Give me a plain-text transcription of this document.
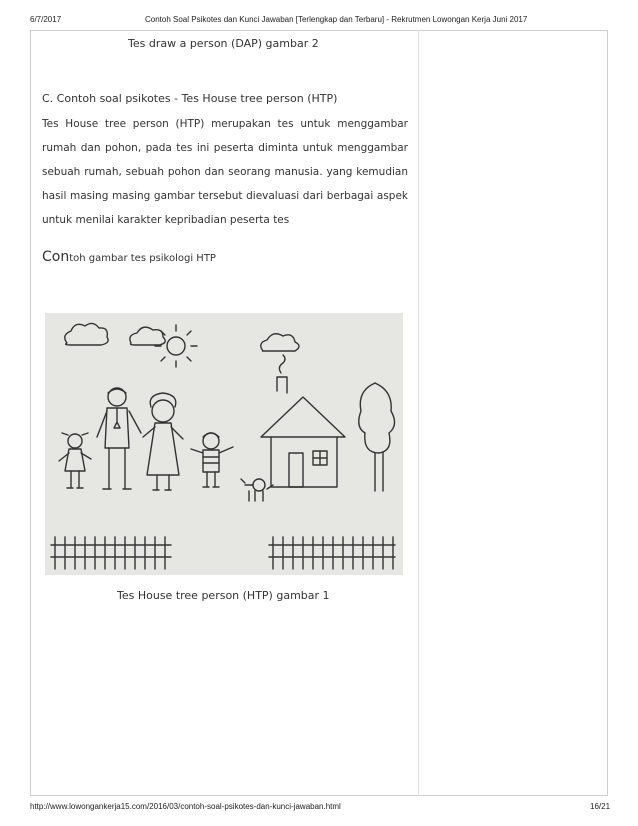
6/7/2017	Contoh Soal Psikotes dan Kunci Jawaban [Terlengkap dan Terbaru] - Rekrutmen Lowongan Kerja Juni 2017
Tes draw a person (DAP) gambar 2
C. Contoh soal psikotes - Tes House tree person (HTP)

Tes House tree person (HTP) merupakan tes untuk menggambar rumah dan pohon, pada tes ini peserta diminta untuk menggambar sebuah rumah, sebuah pohon dan seorang manusia. yang kemudian hasil masing masing gambar tersebut dievaluasi dari berbagai aspek untuk menilai karakter kepribadian peserta tes

Contoh gambar tes psikologi HTP
Tes House tree person (HTP) gambar 1
http://www.lowongankerja15.com/2016/03/contoh-soal-psikotes-dan-kunci-jawaban.html	16/21
